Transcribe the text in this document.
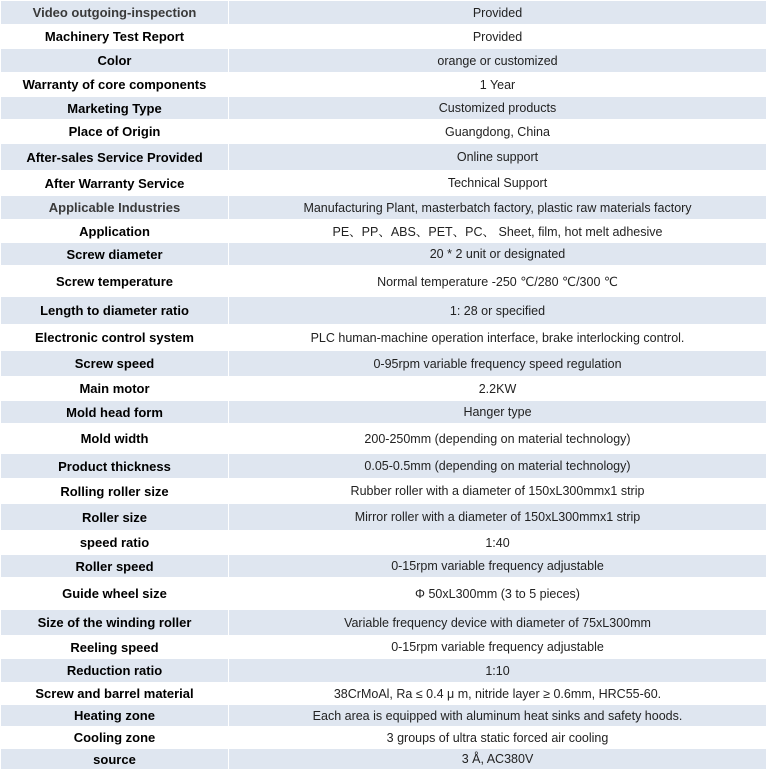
Video outgoing-inspection	Provided
Machinery Test Report	Provided
Color	orange or customized
Warranty of core components	1 Year
Marketing Type	Customized products
Place of Origin	Guangdong, China
After-sales Service Provided	Online support
After Warranty Service	Technical Support
Applicable Industries	Manufacturing Plant, masterbatch factory, plastic raw materials factory
Application	PE、PP、ABS、PET、PC、 Sheet, film, hot melt adhesive
Screw diameter	20 * 2 unit or designated
Screw temperature	Normal temperature -250 ℃/280 ℃/300 ℃
Length to diameter ratio	1: 28 or specified
Electronic control system	PLC human-machine operation interface, brake interlocking control.
Screw speed	0-95rpm variable frequency speed regulation
Main motor	2.2KW
Mold head form	Hanger type
Mold width	200-250mm (depending on material technology)
Product thickness	0.05-0.5mm (depending on material technology)
Rolling roller size	Rubber roller with a diameter of 150xL300mmx1 strip
Roller size	Mirror roller with a diameter of 150xL300mmx1 strip
speed ratio	1:40
Roller speed	0-15rpm variable frequency adjustable
Guide wheel size	Φ 50xL300mm (3 to 5 pieces)
Size of the winding roller	Variable frequency device with diameter of 75xL300mm
Reeling speed	0-15rpm variable frequency adjustable
Reduction ratio	1:10
Screw and barrel material	38CrMoAl, Ra ≤ 0.4 μ m, nitride layer ≥ 0.6mm, HRC55-60.
Heating zone	Each area is equipped with aluminum heat sinks and safety hoods.
Cooling zone	3 groups of ultra static forced air cooling
source	3 Å, AC380V
